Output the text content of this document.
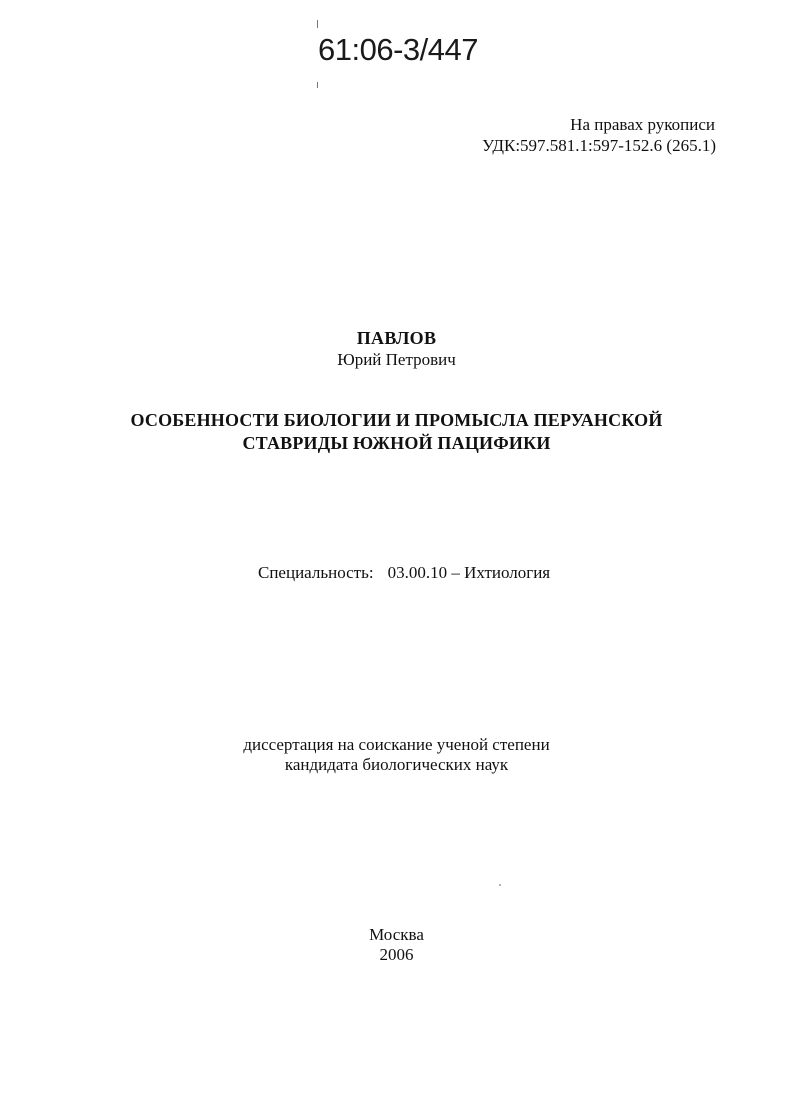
61:06-3/447
На правах рукописи
УДК:597.581.1:597-152.6 (265.1)
ПАВЛОВ
Юрий Петрович
ОСОБЕННОСТИ БИОЛОГИИ И ПРОМЫСЛА ПЕРУАНСКОЙ
СТАВРИДЫ ЮЖНОЙ ПАЦИФИКИ
Специальность: 03.00.10 – Ихтиология
диссертация на соискание ученой степени
кандидата биологических наук
Москва
2006
